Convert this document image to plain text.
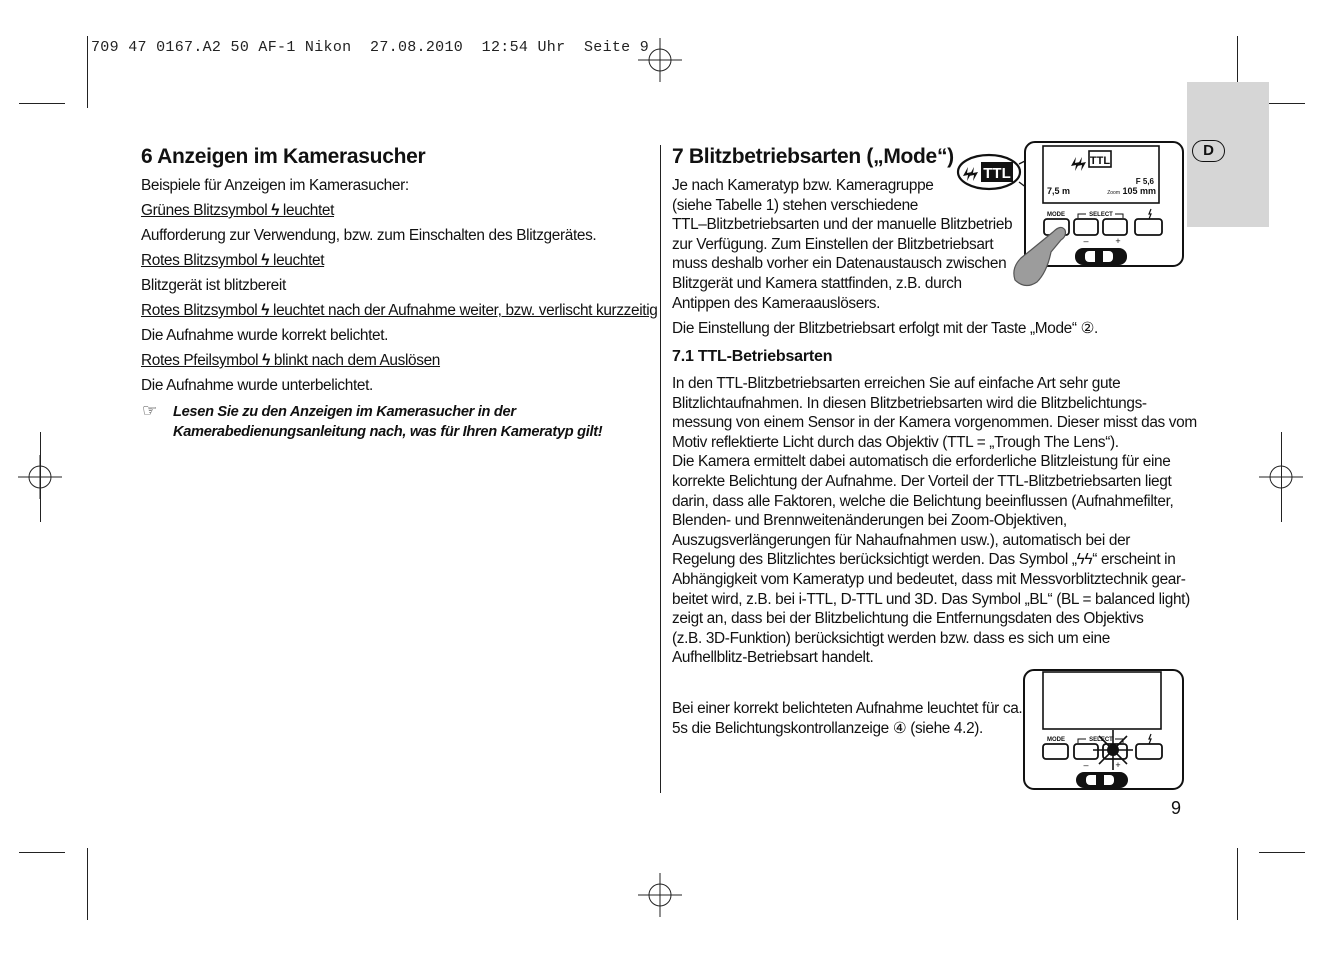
709 47 0167.A2 50 AF-1 Nikon  27.08.2010  12:54 Uhr  Seite 9
D
6 Anzeigen im Kamerasucher
Beispiele für Anzeigen im Kamerasucher:
Grünes Blitzsymbol ϟ leuchtet
Aufforderung zur Verwendung, bzw. zum Einschalten des Blitzgerätes.
Rotes Blitzsymbol ϟ leuchtet
Blitzgerät ist blitzbereit
Rotes Blitzsymbol ϟ leuchtet nach der Aufnahme weiter, bzw. verlischt kurzzeitig
Die Aufnahme wurde korrekt belichtet.
Rotes Pfeilsymbol ϟ blinkt nach dem Auslösen
Die Aufnahme wurde unterbelichtet.
☞ Lesen Sie zu den Anzeigen im Kamerasucher in der
Kamerabedienungsanleitung nach, was für Ihren Kameratyp gilt!
7 Blitzbetriebsarten („Mode“)
Je nach Kameratyp bzw. Kameragruppe
(siehe Tabelle 1) stehen verschiedene
TTL–Blitzbetriebsarten und der manuelle Blitzbetrieb
zur Verfügung. Zum Einstellen der Blitzbetriebsart
muss deshalb vorher ein Datenaustausch zwischen
Blitzgerät und Kamera stattfinden, z.B. durch
Antippen des Kameraauslösers.
Die Einstellung der Blitzbetriebsart erfolgt mit der Taste „Mode“ ②.
7.1 TTL-Betriebsarten
In den TTL-Blitzbetriebsarten erreichen Sie auf einfache Art sehr gute
Blitzlichtaufnahmen. In diesen Blitzbetriebsarten wird die Blitzbelichtungs-
messung von einem Sensor in der Kamera vorgenommen. Dieser misst das vom
Motiv reflektierte Licht durch das Objektiv (TTL = „Trough The Lens“).
Die Kamera ermittelt dabei automatisch die erforderliche Blitzleistung für eine
korrekte Belichtung der Aufnahme. Der Vorteil der TTL-Blitzbetriebsarten liegt
darin, dass alle Faktoren, welche die Belichtung beeinflussen (Aufnahmefilter,
Blenden- und Brennweitenänderungen bei Zoom-Objektiven,
Auszugsverlängerungen für Nahaufnahmen usw.), automatisch bei der
Regelung des Blitzlichtes berücksichtigt werden. Das Symbol „ϟϟ“ erscheint in
Abhängigkeit vom Kameratyp und bedeutet, dass mit Messvorblitztechnik gear-
beitet wird, z.B. bei i-TTL, D-TTL und 3D. Das Symbol „BL“ (BL = balanced light)
zeigt an, dass bei der Blitzbelichtung die Entfernungsdaten des Objektivs
(z.B. 3D-Funktion) berücksichtigt werden bzw. dass es sich um eine
Aufhellblitz-Betriebsart handelt.
Bei einer korrekt belichteten Aufnahme leuchtet für ca.
5s die Belichtungskontrollanzeige ④ (siehe 4.2).
TTL
TTL
F 5,6
7,5 m	Zoom 105 mm
MODE	SELECT
–	+
MODE	SELECT
–	+
9
